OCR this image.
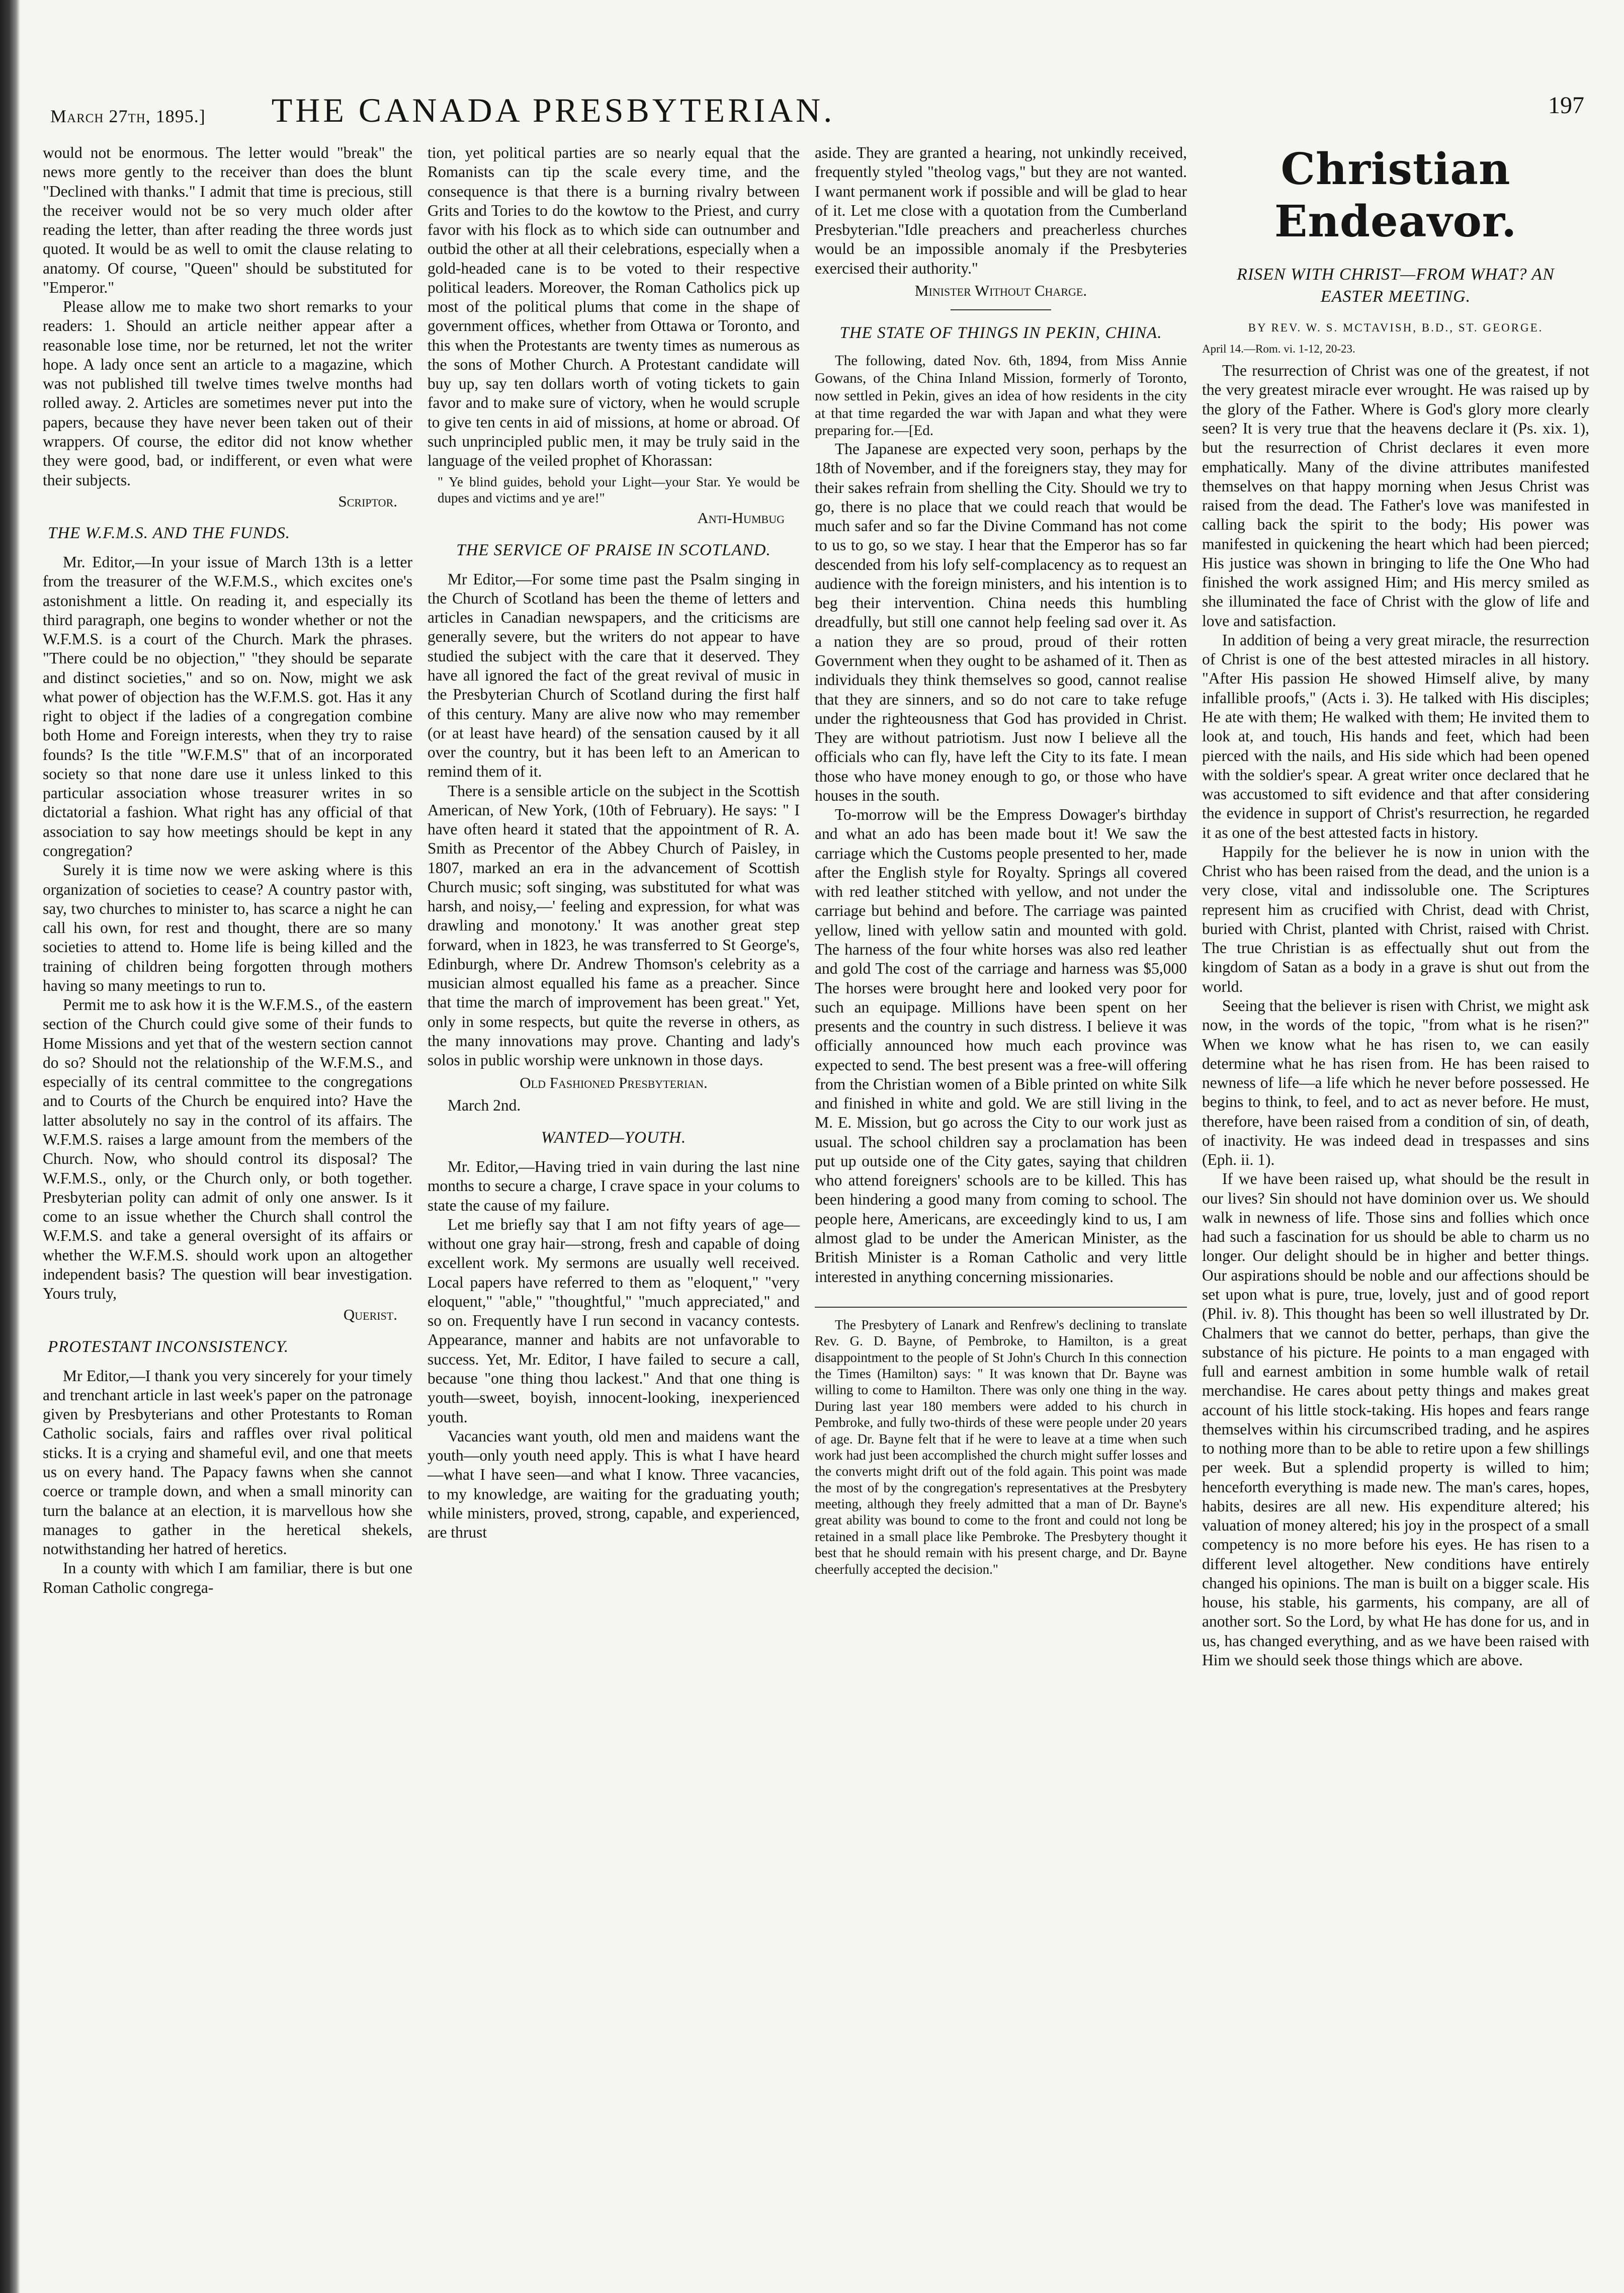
March 27th, 1895.]	THE CANADA PRESBYTERIAN.	197

would not be enormous. The letter would "break" the news more gently to the receiver than does the blunt "Declined with thanks." I admit that time is precious, still the receiver would not be so very much older after reading the letter, than after reading the three words just quoted. It would be as well to omit the clause relating to anatomy. Of course, "Queen" should be substituted for "Emperor."

Please allow me to make two short remarks to your readers: 1. Should an article neither appear after a reasonable lose time, nor be returned, let not the writer hope. A lady once sent an article to a magazine, which was not published till twelve times twelve months had rolled away. 2. Articles are sometimes never put into the papers, because they have never been taken out of their wrappers. Of course, the editor did not know whether they were good, bad, or indifferent, or even what were their subjects.

Scriptor.
THE W.F.M.S. AND THE FUNDS.

Mr. Editor,—In your issue of March 13th is a letter from the treasurer of the W.F.M.S., which excites one's astonishment a little. On reading it, and especially its third paragraph, one begins to wonder whether or not the W.F.M.S. is a court of the Church. Mark the phrases. "There could be no objection," "they should be separate and distinct societies," and so on. Now, might we ask what power of objection has the W.F.M.S. got. Has it any right to object if the ladies of a congregation combine both Home and Foreign interests, when they try to raise founds? Is the title "W.F.M.S" that of an incorporated society so that none dare use it unless linked to this particular association whose treasurer writes in so dictatorial a fashion. What right has any official of that association to say how meetings should be kept in any congregation?

Surely it is time now we were asking where is this organization of societies to cease? A country pastor with, say, two churches to minister to, has scarce a night he can call his own, for rest and thought, there are so many societies to attend to. Home life is being killed and the training of children being forgotten through mothers having so many meetings to run to.

Permit me to ask how it is the W.F.M.S., of the eastern section of the Church could give some of their funds to Home Missions and yet that of the western section cannot do so? Should not the relationship of the W.F.M.S., and especially of its central committee to the congregations and to Courts of the Church be enquired into? Have the latter absolutely no say in the control of its affairs. The W.F.M.S. raises a large amount from the members of the Church. Now, who should control its disposal? The W.F.M.S., only, or the Church only, or both together. Presbyterian polity can admit of only one answer. Is it come to an issue whether the Church shall control the W.F.M.S. and take a general oversight of its affairs or whether the W.F.M.S. should work upon an altogether independent basis? The question will bear investigation. Yours truly,

Querist.
PROTESTANT INCONSISTENCY.

Mr Editor,—I thank you very sincerely for your timely and trenchant article in last week's paper on the patronage given by Presbyterians and other Protestants to Roman Catholic socials, fairs and raffles over rival political sticks. It is a crying and shameful evil, and one that meets us on every hand. The Papacy fawns when she cannot coerce or trample down, and when a small minority can turn the balance at an election, it is marvellous how she manages to gather in the heretical shekels, notwithstanding her hatred of heretics.

In a county with which I am familiar, there is but one Roman Catholic congrega-

tion, yet political parties are so nearly equal that the Romanists can tip the scale every time, and the consequence is that there is a burning rivalry between Grits and Tories to do the kowtow to the Priest, and curry favor with his flock as to which side can outnumber and outbid the other at all their celebrations, especially when a gold-headed cane is to be voted to their respective political leaders. Moreover, the Roman Catholics pick up most of the political plums that come in the shape of government offices, whether from Ottawa or Toronto, and this when the Protestants are twenty times as numerous as the sons of Mother Church. A Protestant candidate will buy up, say ten dollars worth of voting tickets to gain favor and to make sure of victory, when he would scruple to give ten cents in aid of missions, at home or abroad. Of such unprincipled public men, it may be truly said in the language of the veiled prophet of Khorassan:

" Ye blind guides, behold your Light—your Star. Ye would be dupes and victims and ye are!"
Anti-Humbug
THE SERVICE OF PRAISE IN SCOTLAND.

Mr Editor,—For some time past the Psalm singing in the Church of Scotland has been the theme of letters and articles in Canadian newspapers, and the criticisms are generally severe, but the writers do not appear to have studied the subject with the care that it deserved. They have all ignored the fact of the great revival of music in the Presbyterian Church of Scotland during the first half of this century. Many are alive now who may remember (or at least have heard) of the sensation caused by it all over the country, but it has been left to an American to remind them of it.

There is a sensible article on the subject in the Scottish American, of New York, (10th of February). He says: " I have often heard it stated that the appointment of R. A. Smith as Precentor of the Abbey Church of Paisley, in 1807, marked an era in the advancement of Scottish Church music; soft singing, was substituted for what was harsh, and noisy,—' feeling and expression, for what was drawling and monotony.' It was another great step forward, when in 1823, he was transferred to St George's, Edinburgh, where Dr. Andrew Thomson's celebrity as a musician almost equalled his fame as a preacher. Since that time the march of improvement has been great." Yet, only in some respects, but quite the reverse in others, as the many innovations may prove. Chanting and lady's solos in public worship were unknown in those days.

Old Fashioned Presbyterian.

March 2nd.

WANTED—YOUTH.

Mr. Editor,—Having tried in vain during the last nine months to secure a charge, I crave space in your colums to state the cause of my failure.

Let me briefly say that I am not fifty years of age—without one gray hair—strong, fresh and capable of doing excellent work. My sermons are usually well received. Local papers have referred to them as "eloquent," "very eloquent," "able," "thoughtful," "much appreciated," and so on. Frequently have I run second in vacancy contests. Appearance, manner and habits are not unfavorable to success. Yet, Mr. Editor, I have failed to secure a call, because "one thing thou lackest." And that one thing is youth—sweet, boyish, innocent-looking, inexperienced youth.

Vacancies want youth, old men and maidens want the youth—only youth need apply. This is what I have heard—what I have seen—and what I know. Three vacancies, to my knowledge, are waiting for the graduating youth; while ministers, proved, strong, capable, and experienced, are thrust

aside. They are granted a hearing, not unkindly received, frequently styled "theolog vags," but they are not wanted. I want permanent work if possible and will be glad to hear of it. Let me close with a quotation from the Cumberland Presbyterian."Idle preachers and preacherless churches would be an impossible anomaly if the Presbyteries exercised their authority."

Minister Without Charge.
THE STATE OF THINGS IN PEKIN, CHINA.

The following, dated Nov. 6th, 1894, from Miss Annie Gowans, of the China Inland Mission, formerly of Toronto, now settled in Pekin, gives an idea of how residents in the city at that time regarded the war with Japan and what they were preparing for.—[Ed.

The Japanese are expected very soon, perhaps by the 18th of November, and if the foreigners stay, they may for their sakes refrain from shelling the City. Should we try to go, there is no place that we could reach that would be much safer and so far the Divine Command has not come to us to go, so we stay. I hear that the Emperor has so far descended from his lofy self-complacency as to request an audience with the foreign ministers, and his intention is to beg their intervention. China needs this humbling dreadfully, but still one cannot help feeling sad over it. As a nation they are so proud, proud of their rotten Government when they ought to be ashamed of it. Then as individuals they think themselves so good, cannot realise that they are sinners, and so do not care to take refuge under the righteousness that God has provided in Christ. They are without patriotism. Just now I believe all the officials who can fly, have left the City to its fate. I mean those who have money enough to go, or those who have houses in the south.

To-morrow will be the Empress Dowager's birthday and what an ado has been made bout it! We saw the carriage which the Customs people presented to her, made after the English style for Royalty. Springs all covered with red leather stitched with yellow, and not under the carriage but behind and before. The carriage was painted yellow, lined with yellow satin and mounted with gold. The harness of the four white horses was also red leather and gold The cost of the carriage and harness was $5,000 The horses were brought here and looked very poor for such an equipage. Millions have been spent on her presents and the country in such distress. I believe it was officially announced how much each province was expected to send. The best present was a free-will offering from the Christian women of a Bible printed on white Silk and finished in white and gold. We are still living in the M. E. Mission, but go across the City to our work just as usual. The school children say a proclamation has been put up outside one of the City gates, saying that children who attend foreigners' schools are to be killed. This has been hindering a good many from coming to school. The people here, Americans, are exceedingly kind to us, I am almost glad to be under the American Minister, as the British Minister is a Roman Catholic and very little interested in anything concerning missionaries.

The Presbytery of Lanark and Renfrew's declining to translate Rev. G. D. Bayne, of Pembroke, to Hamilton, is a great disappointment to the people of St John's Church In this connection the Times (Hamilton) says: " It was known that Dr. Bayne was willing to come to Hamilton. There was only one thing in the way. During last year 180 members were added to his church in Pembroke, and fully two-thirds of these were people under 20 years of age. Dr. Bayne felt that if he were to leave at a time when such work had just been accomplished the church might suffer losses and the converts might drift out of the fold again. This point was made the most of by the congregation's representatives at the Presbytery meeting, although they freely admitted that a man of Dr. Bayne's great ability was bound to come to the front and could not long be retained in a small place like Pembroke. The Presbytery thought it best that he should remain with his present charge, and Dr. Bayne cheerfully accepted the decision."

Christian Endeavor.
RISEN WITH CHRIST—FROM WHAT? AN EASTER MEETING.
BY REV. W. S. MCTAVISH, B.D., ST. GEORGE.
April 14.—Rom. vi. 1-12, 20-23.

The resurrection of Christ was one of the greatest, if not the very greatest miracle ever wrought. He was raised up by the glory of the Father. Where is God's glory more clearly seen? It is very true that the heavens declare it (Ps. xix. 1), but the resurrection of Christ declares it even more emphatically. Many of the divine attributes manifested themselves on that happy morning when Jesus Christ was raised from the dead. The Father's love was manifested in calling back the spirit to the body; His power was manifested in quickening the heart which had been pierced; His justice was shown in bringing to life the One Who had finished the work assigned Him; and His mercy smiled as she illuminated the face of Christ with the glow of life and love and satisfaction.

In addition of being a very great miracle, the resurrection of Christ is one of the best attested miracles in all history. "After His passion He showed Himself alive, by many infallible proofs," (Acts i. 3). He talked with His disciples; He ate with them; He walked with them; He invited them to look at, and touch, His hands and feet, which had been pierced with the nails, and His side which had been opened with the soldier's spear. A great writer once declared that he was accustomed to sift evidence and that after considering the evidence in support of Christ's resurrection, he regarded it as one of the best attested facts in history.

Happily for the believer he is now in union with the Christ who has been raised from the dead, and the union is a very close, vital and indissoluble one. The Scriptures represent him as crucified with Christ, dead with Christ, buried with Christ, planted with Christ, raised with Christ. The true Christian is as effectually shut out from the kingdom of Satan as a body in a grave is shut out from the world.

Seeing that the believer is risen with Christ, we might ask now, in the words of the topic, "from what is he risen?" When we know what he has risen to, we can easily determine what he has risen from. He has been raised to newness of life—a life which he never before possessed. He begins to think, to feel, and to act as never before. He must, therefore, have been raised from a condition of sin, of death, of inactivity. He was indeed dead in trespasses and sins (Eph. ii. 1).

If we have been raised up, what should be the result in our lives? Sin should not have dominion over us. We should walk in newness of life. Those sins and follies which once had such a fascination for us should be able to charm us no longer. Our delight should be in higher and better things. Our aspirations should be noble and our affections should be set upon what is pure, true, lovely, just and of good report (Phil. iv. 8). This thought has been so well illustrated by Dr. Chalmers that we cannot do better, perhaps, than give the substance of his picture. He points to a man engaged with full and earnest ambition in some humble walk of retail merchandise. He cares about petty things and makes great account of his little stock-taking. His hopes and fears range themselves within his circumscribed trading, and he aspires to nothing more than to be able to retire upon a few shillings per week. But a splendid property is willed to him; henceforth everything is made new. The man's cares, hopes, habits, desires are all new. His expenditure altered; his valuation of money altered; his joy in the prospect of a small competency is no more before his eyes. He has risen to a different level altogether. New conditions have entirely changed his opinions. The man is built on a bigger scale. His house, his stable, his garments, his company, are all of another sort. So the Lord, by what He has done for us, and in us, has changed everything, and as we have been raised with Him we should seek those things which are above.
